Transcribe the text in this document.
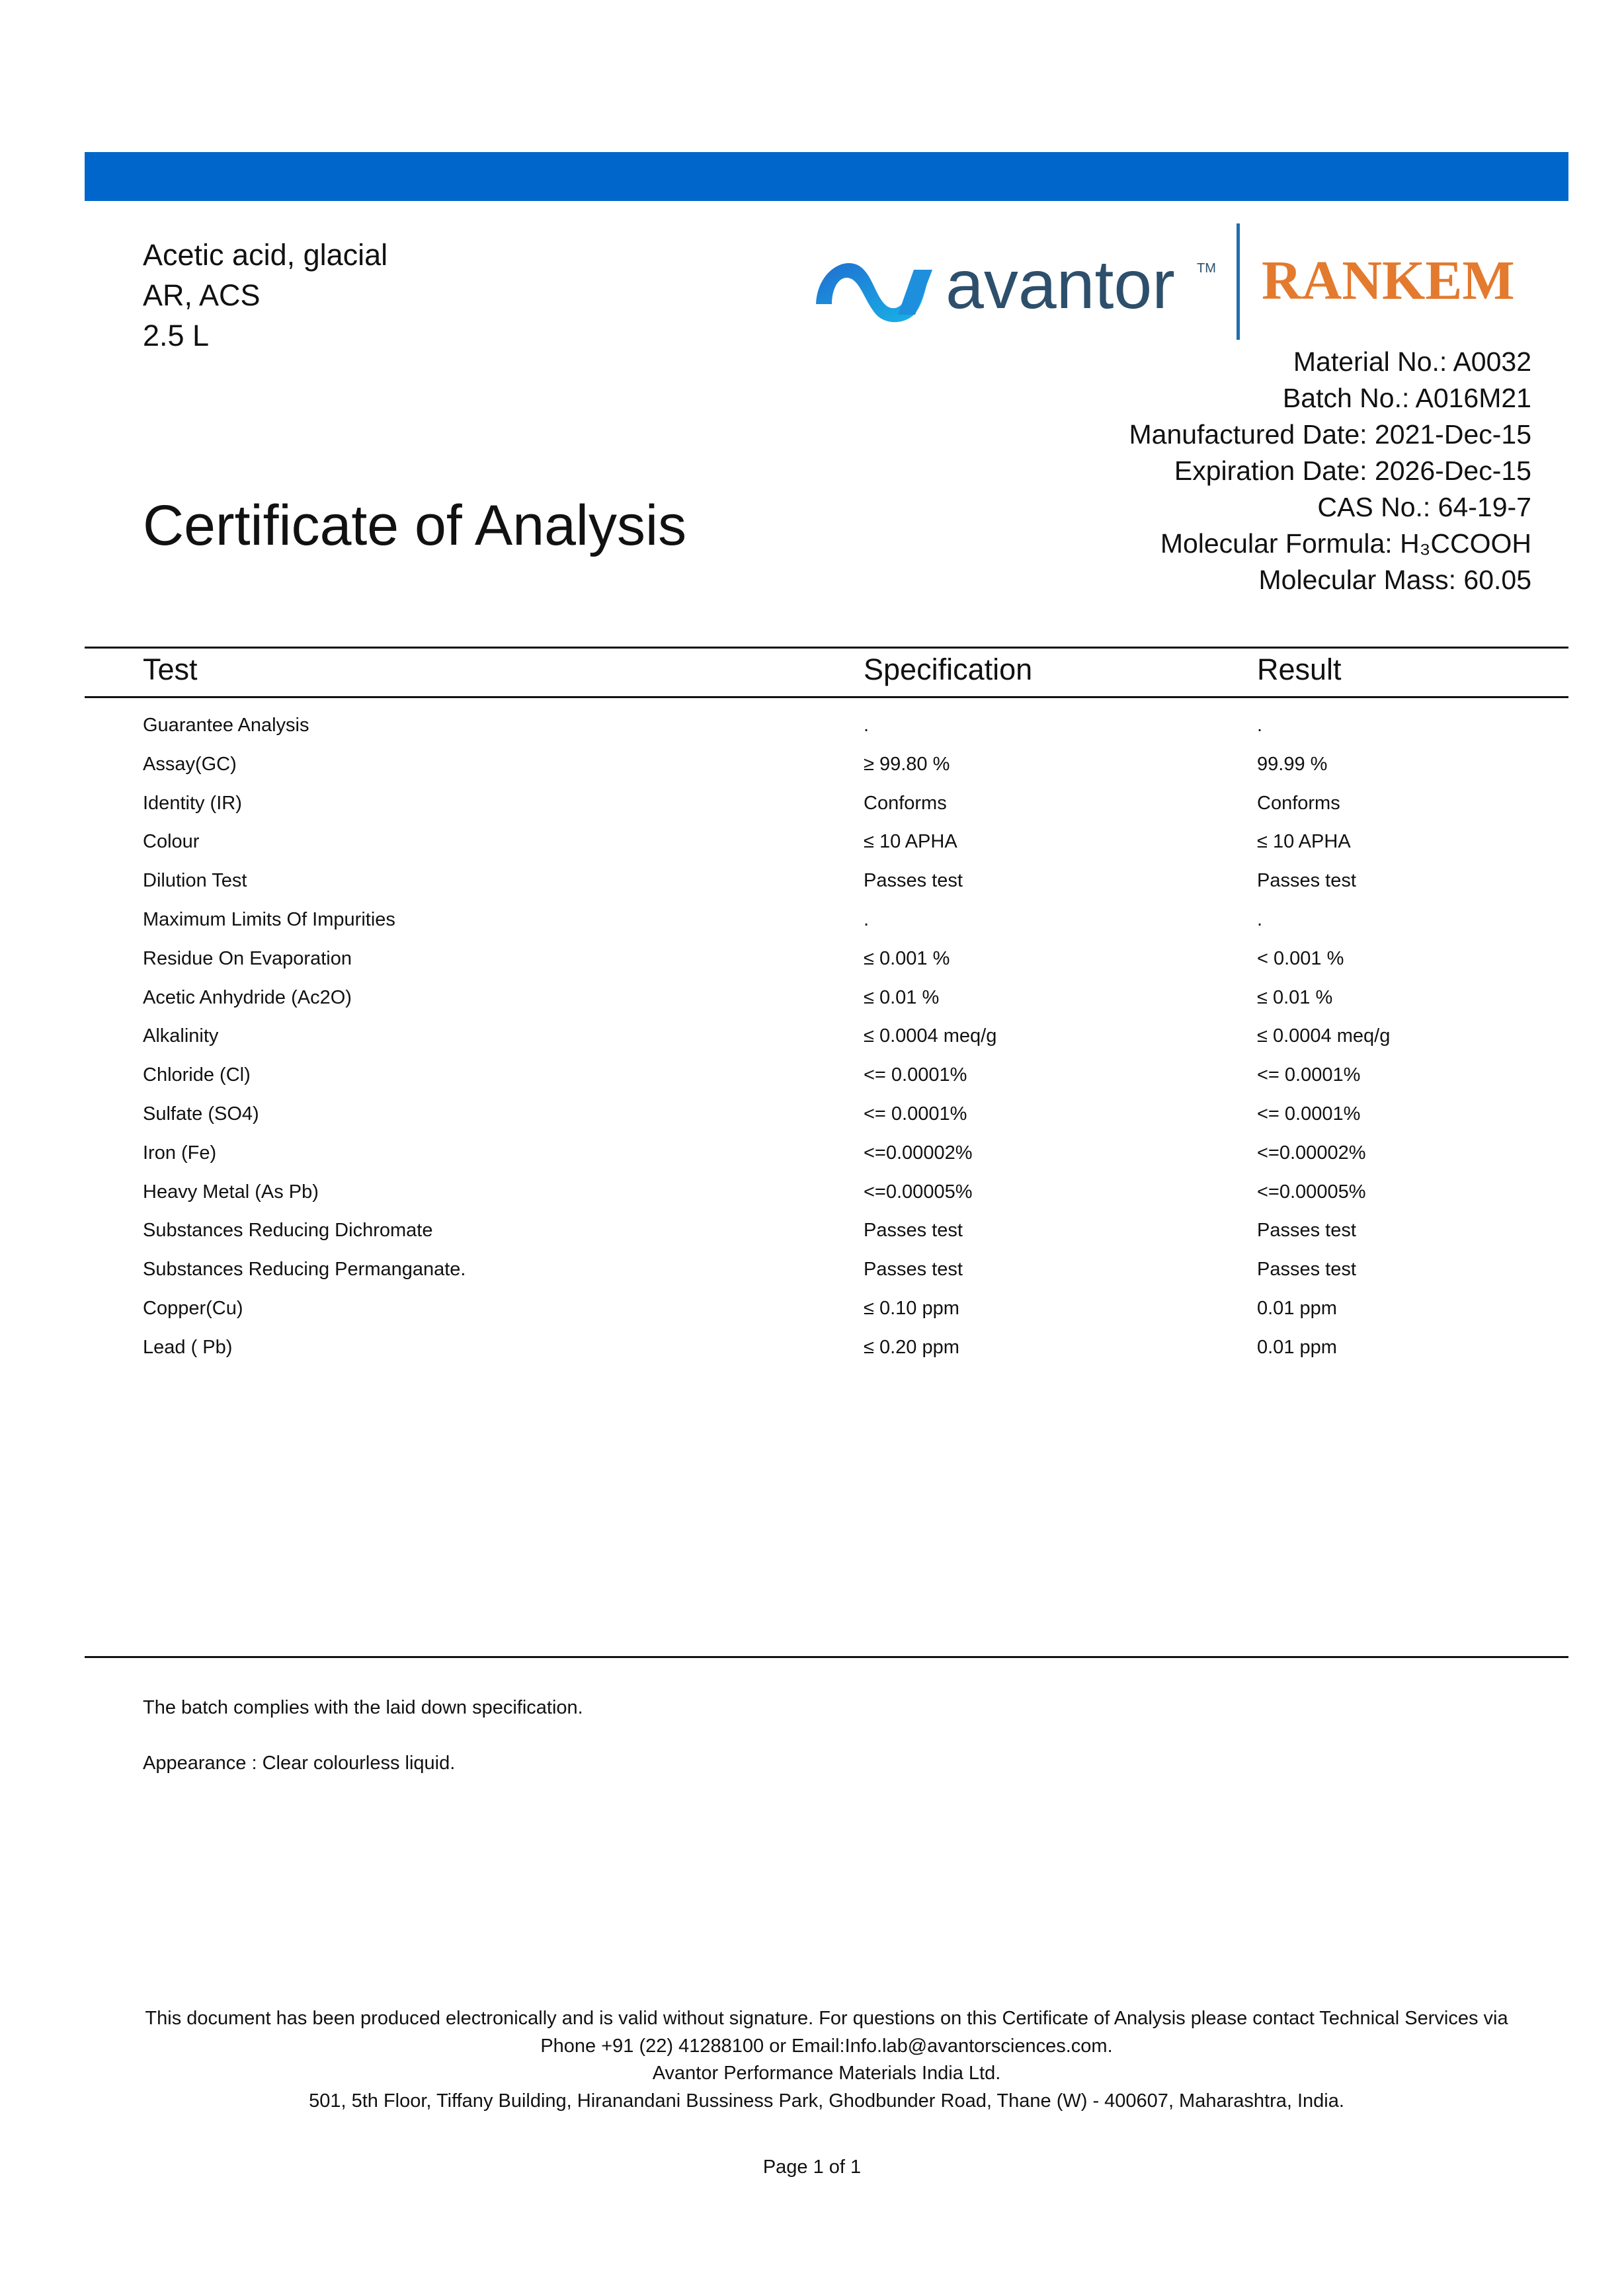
Acetic acid, glacial
AR, ACS
2.5 L
avantor TM RANKEM
Material No.: A0032
Batch No.: A016M21
Manufactured Date: 2021-Dec-15
Expiration Date: 2026-Dec-15
CAS No.: 64-19-7
Molecular Formula: H₃CCOOH
Molecular Mass: 60.05
Certificate of Analysis
Test	Specification	Result
Guarantee Analysis	.	.
Assay(GC)	≥ 99.80 %	99.99 %
Identity (IR)	Conforms	Conforms
Colour	≤ 10 APHA	≤ 10 APHA
Dilution Test	Passes test	Passes test
Maximum Limits Of Impurities	.	.
Residue On Evaporation	≤ 0.001 %	< 0.001 %
Acetic Anhydride (Ac2O)	≤ 0.01 %	≤ 0.01 %
Alkalinity	≤ 0.0004 meq/g	≤ 0.0004 meq/g
Chloride (Cl)	<= 0.0001%	<= 0.0001%
Sulfate (SO4)	<= 0.0001%	<= 0.0001%
Iron (Fe)	<=0.00002%	<=0.00002%
Heavy Metal (As Pb)	<=0.00005%	<=0.00005%
Substances Reducing Dichromate	Passes test	Passes test
Substances Reducing Permanganate.	Passes test	Passes test
Copper(Cu)	≤ 0.10 ppm	0.01 ppm
Lead ( Pb)	≤ 0.20 ppm	0.01 ppm
The batch complies with the laid down specification.
Appearance : Clear colourless liquid.
This document has been produced electronically and is valid without signature. For questions on this Certificate of Analysis please contact Technical Services via
Phone +91 (22) 41288100 or Email:Info.lab@avantorsciences.com.
Avantor Performance Materials India Ltd.
501, 5th Floor, Tiffany Building, Hiranandani Bussiness Park, Ghodbunder Road, Thane (W) - 400607, Maharashtra, India.
Page 1 of 1
